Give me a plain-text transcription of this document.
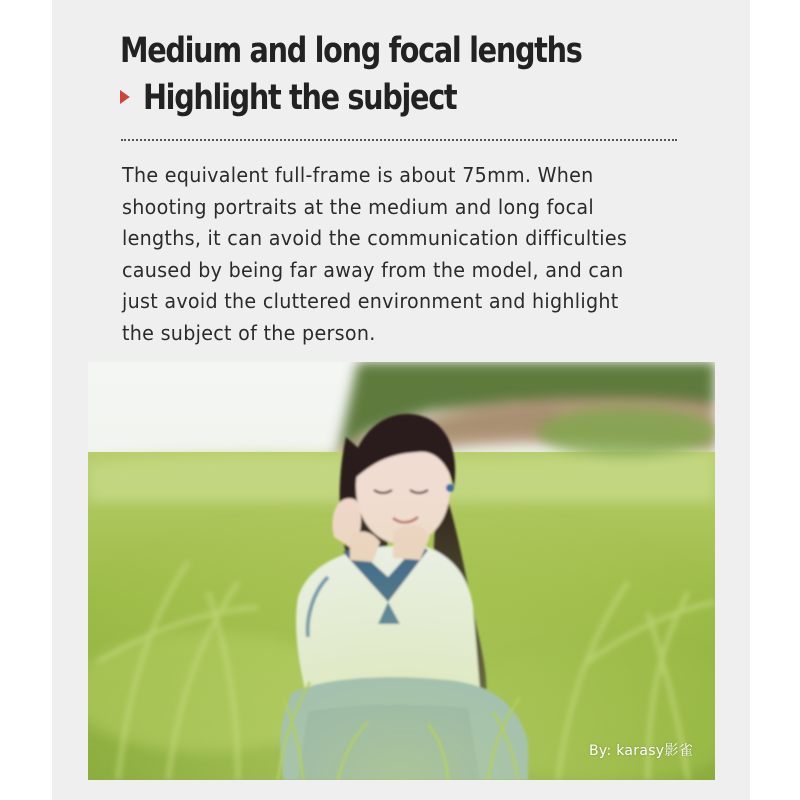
Medium and long focal lengths
Highlight the subject
The equivalent full-frame is about 75mm. When
shooting portraits at the medium and long focal
lengths, it can avoid the communication difficulties
caused by being far away from the model, and can
just avoid the cluttered environment and highlight
the subject of the person.
By: karasy影雀
